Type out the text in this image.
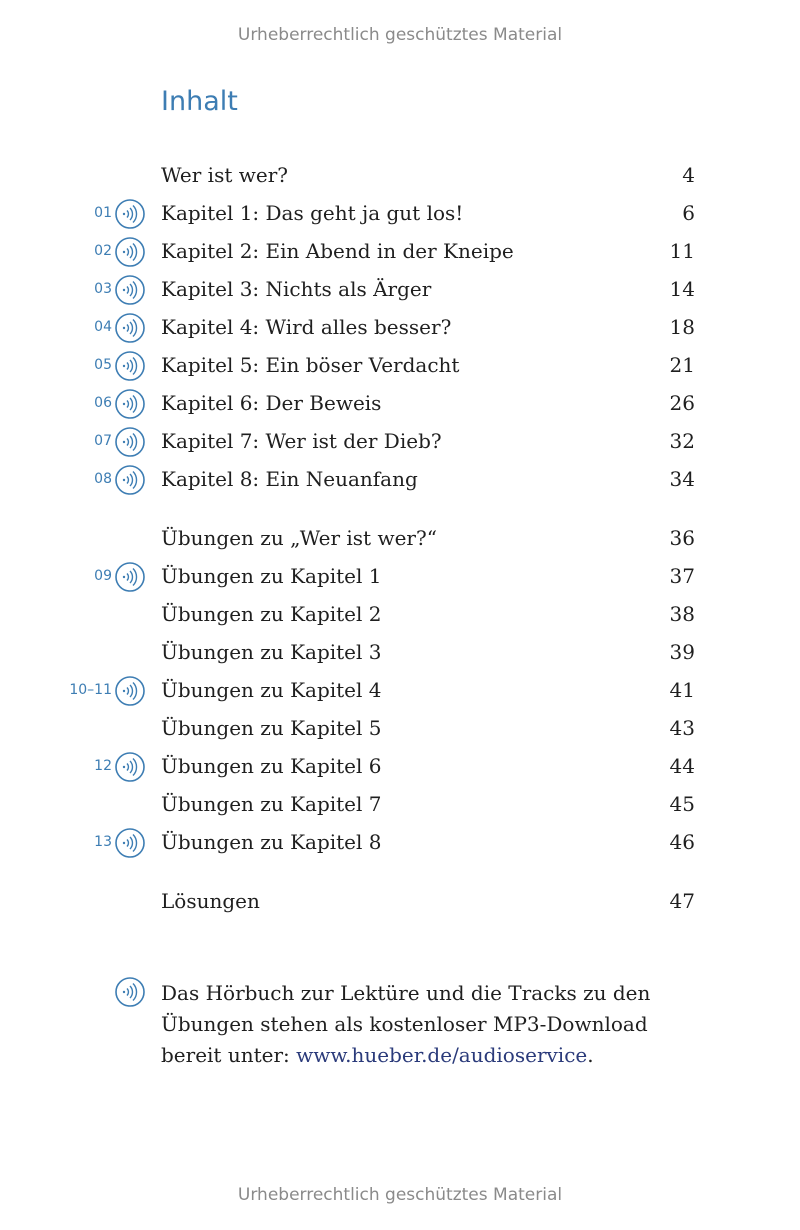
Urheberrechtlich geschütztes Material
Inhalt
Wer ist wer?	4
01 Kapitel 1: Das geht ja gut los!	6
02 Kapitel 2: Ein Abend in der Kneipe	11
03 Kapitel 3: Nichts als Ärger	14
04 Kapitel 4: Wird alles besser?	18
05 Kapitel 5: Ein böser Verdacht	21
06 Kapitel 6: Der Beweis	26
07 Kapitel 7: Wer ist der Dieb?	32
08 Kapitel 8: Ein Neuanfang	34
Übungen zu „Wer ist wer?“	36
09 Übungen zu Kapitel 1	37
Übungen zu Kapitel 2	38
Übungen zu Kapitel 3	39
10–11 Übungen zu Kapitel 4	41
Übungen zu Kapitel 5	43
12 Übungen zu Kapitel 6	44
Übungen zu Kapitel 7	45
13 Übungen zu Kapitel 8	46
Lösungen	47
Das Hörbuch zur Lektüre und die Tracks zu den Übungen stehen als kostenloser MP3-Download bereit unter: www.hueber.de/audioservice.
Urheberrechtlich geschütztes Material
